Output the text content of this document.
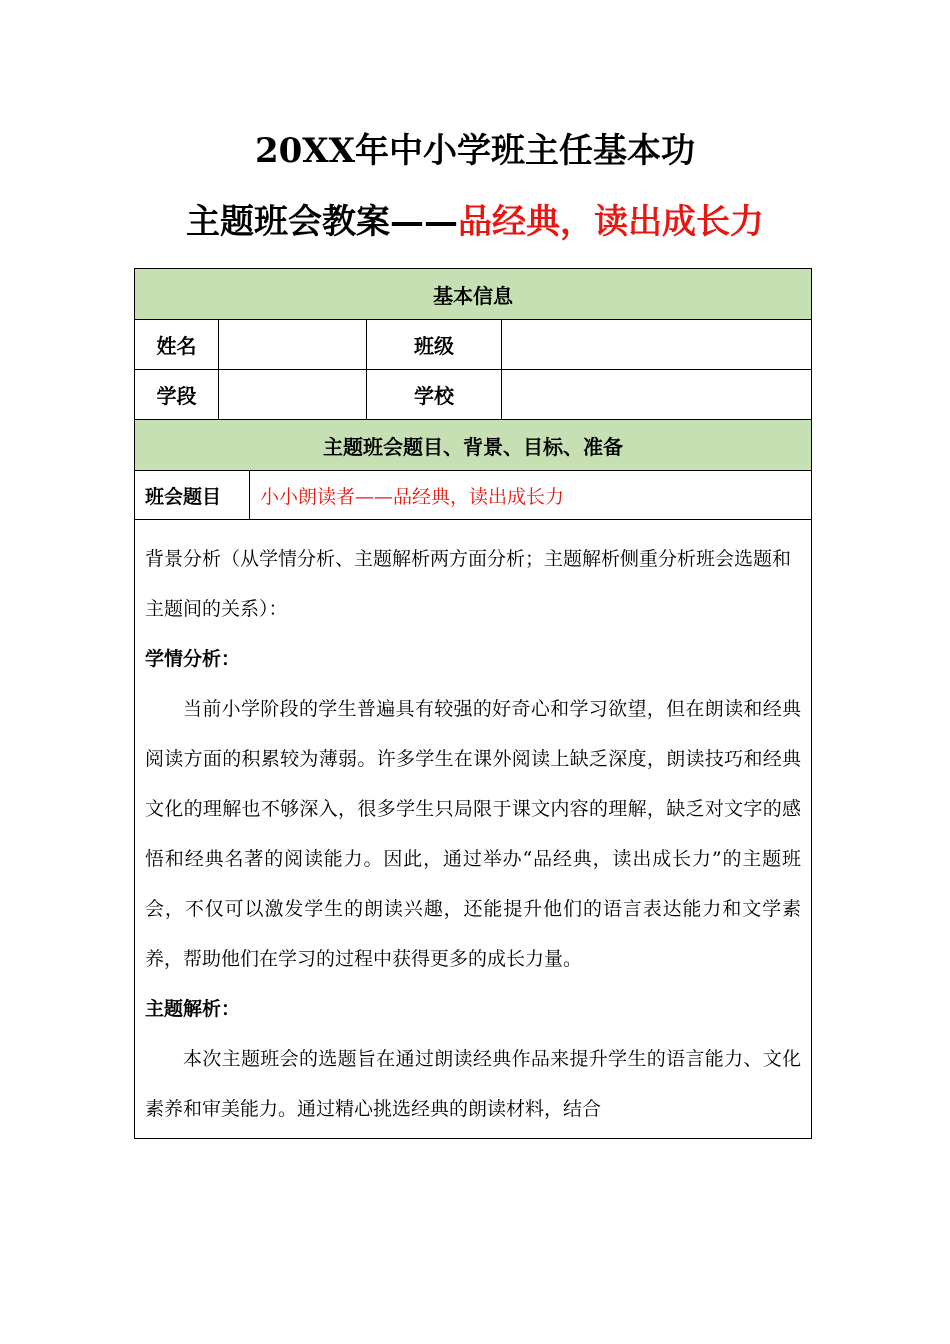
20XX年中小学班主任基本功
主题班会教案——品经典，读出成长力
基本信息				
姓名			班级	
学段			学校	
主题班会题目、背景、目标、准备				
班会题目		小小朗读者——品经典，读出成长力		

背景分析（从学情分析、主题解析两方面分析；主题解析侧重分析班会选题和主题间的关系）：

学情分析：

当前小学阶段的学生普遍具有较强的好奇心和学习欲望，但在朗读和经典阅读方面的积累较为薄弱。许多学生在课外阅读上缺乏深度，朗读技巧和经典文化的理解也不够深入，很多学生只局限于课文内容的理解，缺乏对文字的感悟和经典名著的阅读能力。因此，通过举办“品经典，读出成长力”的主题班会，不仅可以激发学生的朗读兴趣，还能提升他们的语言表达能力和文学素养，帮助他们在学习的过程中获得更多的成长力量。

主题解析：

本次主题班会的选题旨在通过朗读经典作品来提升学生的语言能力、文化素养和审美能力。通过精心挑选经典的朗读材料，结合				
